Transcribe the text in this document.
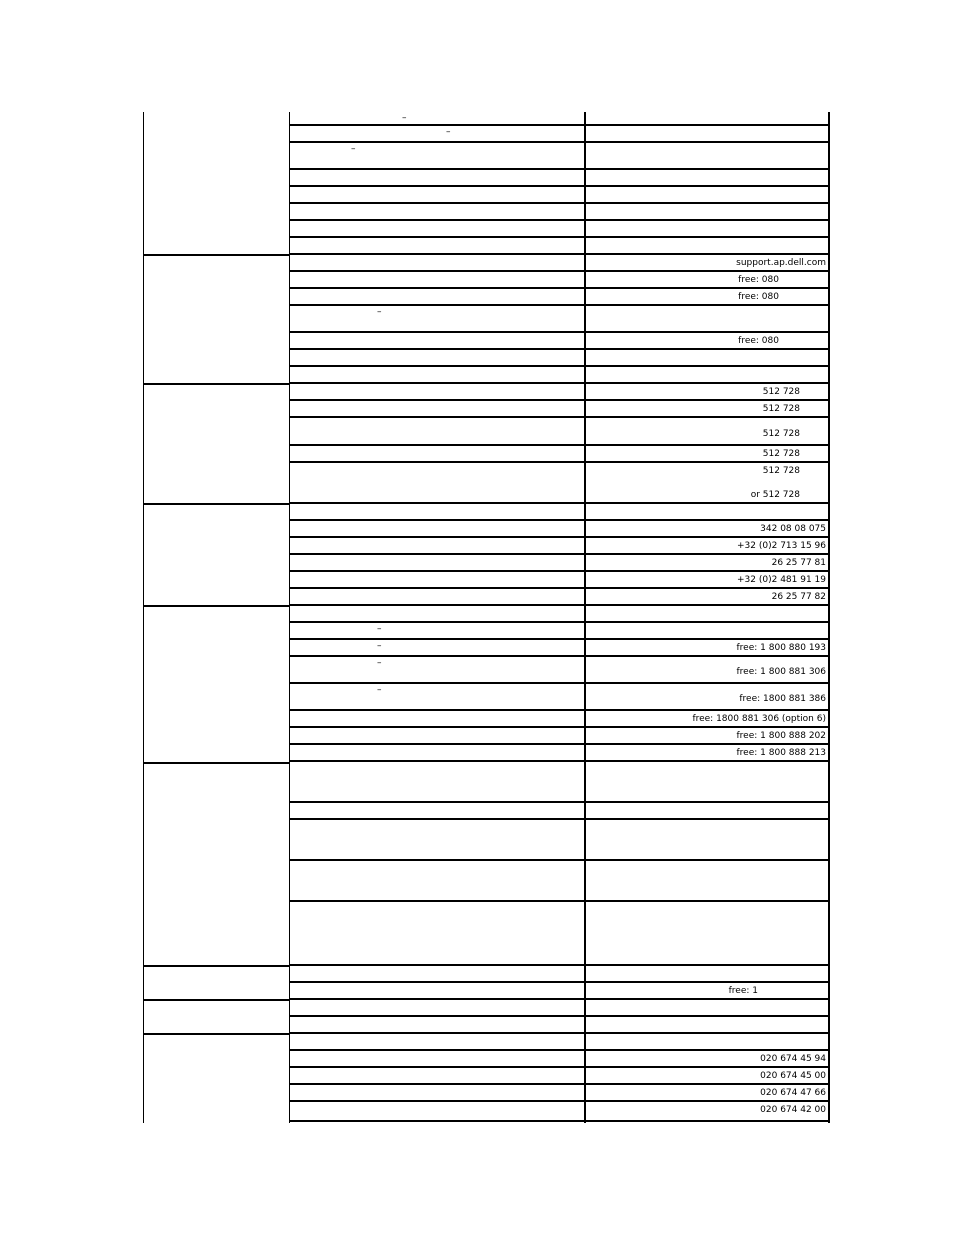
–
–
–
support.ap.dell.com
free: 080
free: 080
–
free: 080
512 728
512 728
512 728
512 728
512 728
or 512 728
342 08 08 075
+32 (0)2 713 15 96
26 25 77 81
+32 (0)2 481 91 19
26 25 77 82
–
–	free: 1 800 880 193
–
free: 1 800 881 306
–
free: 1800 881 386
free: 1800 881 306 (option 6)
free: 1 800 888 202
free: 1 800 888 213
free: 1
020 674 45 94
020 674 45 00
020 674 47 66
020 674 42 00
